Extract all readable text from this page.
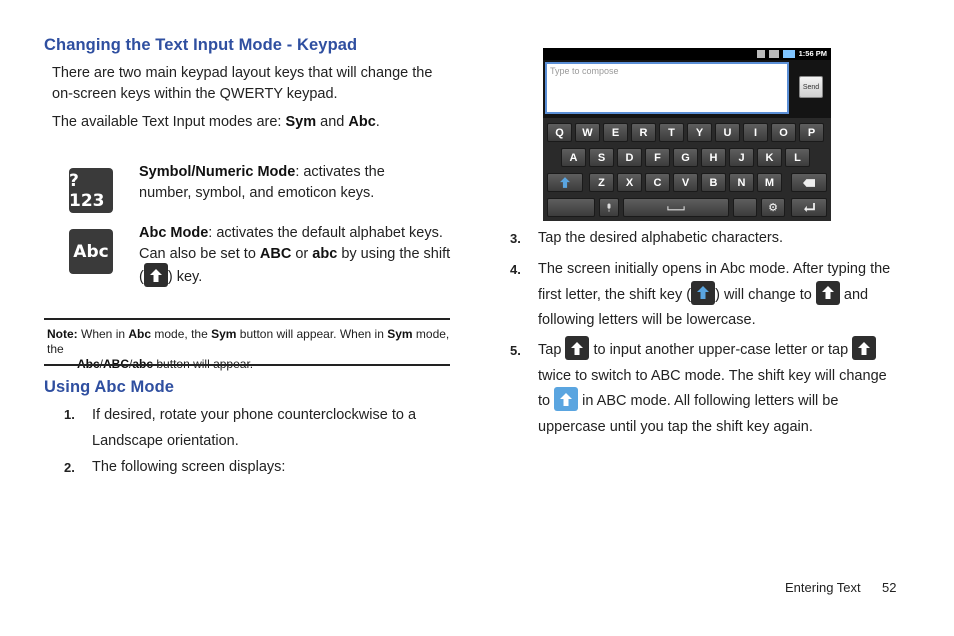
Changing the Text Input Mode - Keypad
There are two main keypad layout keys that will change the on-screen keys within the QWERTY keypad.
The available Text Input modes are: Sym and Abc.
?123
Symbol/Numeric Mode: activates the number, symbol, and emoticon keys.
Abc
Abc Mode: activates the default alphabet keys. Can also be set to ABC or abc by using the shift ( ) key.
Note: When in Abc mode, the Sym button will appear. When in Sym mode, the

Using Abc Mode
1.	If desired, rotate your phone counterclockwise to a Landscape orientation.
2.	The following screen displays:
1:56 PM
Type to compose
Send
Q	W	E	R	T	Y	U	I	O	P
A	S	D	F	G	H	J	K	L
Z	X	C	V	B	N	M
⚙
3.	Tap the desired alphabetic characters.
4.	The screen initially opens in Abc mode. After typing the first letter, the shift key ( ) will change to
and following letters will be lowercase.
5.	Tap
to input another upper-case letter or tap
twice to switch to ABC mode. The shift key will change to
in ABC mode. All following letters will be uppercase until you tap the shift key again.
Entering Text 52
